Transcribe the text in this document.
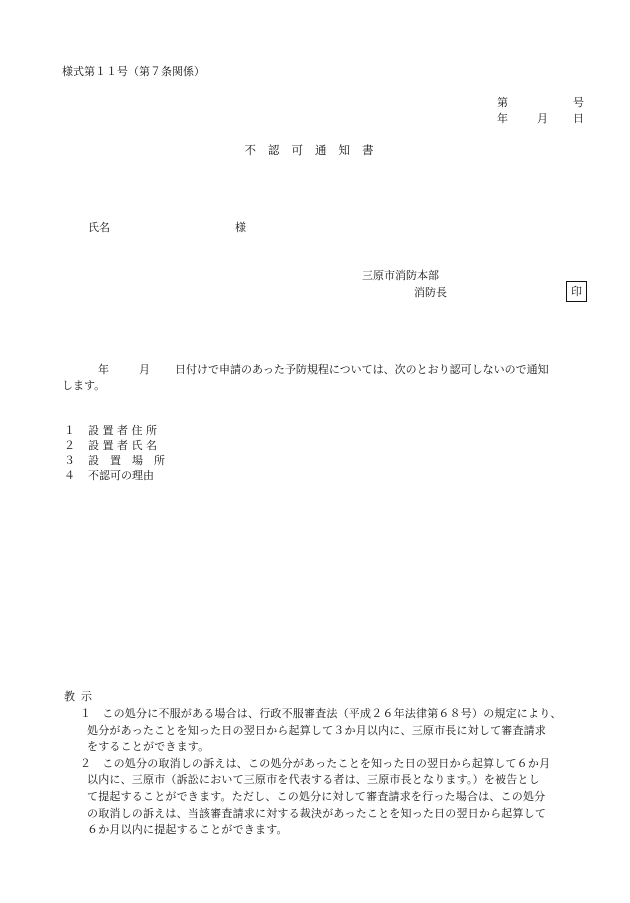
様式第１１号（第７条関係）
第	号
年	月 日
不認可通知書
氏名	様
三原市消防本部
消防長	印
年	月 日付けで申請のあった予防規程については、次のとおり認可しないので通知
します。
１ 設 置 者 住 所
２ 設 置 者 氏 名
３ 設　置　場　所
４ 不認可の理由
教示
１　この処分に不服がある場合は、行政不服審査法（平成２６年法律第６８号）の規定により、
処分があったことを知った日の翌日から起算して３か月以内に、三原市長に対して審査請求
をすることができます。
２　この処分の取消しの訴えは、この処分があったことを知った日の翌日から起算して６か月
以内に、三原市（訴訟において三原市を代表する者は、三原市長となります。）を被告とし
て提起することができます。ただし、この処分に対して審査請求を行った場合は、この処分
の取消しの訴えは、当該審査請求に対する裁決があったことを知った日の翌日から起算して
６か月以内に提起することができます。
